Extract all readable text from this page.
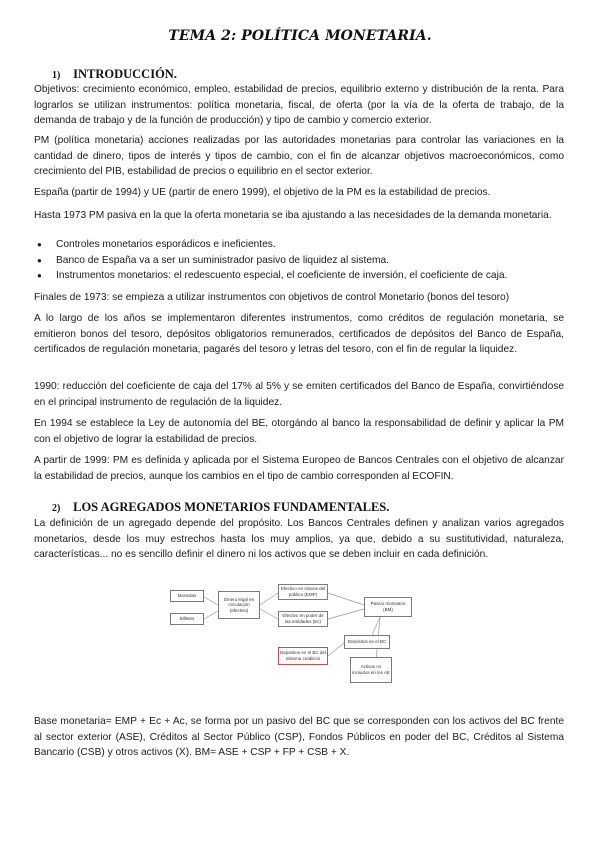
TEMA 2: POLÍTICA MONETARIA.
1) INTRODUCCIÓN.

Objetivos: crecimiento económico, empleo, estabilidad de precios, equilibrio externo y distribución de la renta. Para lograrlos se utilizan instrumentos: política monetaria, fiscal, de oferta (por la vía de la oferta de trabajo, de la demanda de trabajo y de la función de producción) y tipo de cambio y comercio exterior.

PM (política monetaria) acciones realizadas por las autoridades monetarias para controlar las variaciones en la cantidad de dinero, tipos de interés y tipos de cambio, con el fin de alcanzar objetivos macroeconómicos, como crecimiento del PIB, estabilidad de precios o equilibrio en el sector exterior.

España (partir de 1994) y UE (partir de enero 1999), el objetivo de la PM es la estabilidad de precios.

Hasta 1973 PM pasiva en la que la oferta monetaria se iba ajustando a las necesidades de la demanda monetaria.

● Controles monetarios esporádicos e ineficientes.
● Banco de España va a ser un suministrador pasivo de liquidez al sistema.
● Instrumentos monetarios: el redescuento especial, el coeficiente de inversión, el coeficiente de caja.

Finales de 1973: se empieza a utilizar instrumentos con objetivos de control Monetario (bonos del tesoro)

A lo largo de los años se implementaron diferentes instrumentos, como créditos de regulación monetaria, se emitieron bonos del tesoro, depósitos obligatorios remunerados, certificados de depósitos del Banco de España, certificados de regulación monetaria, pagarés del tesoro y letras del tesoro, con el fin de regular la liquidez.

1990: reducción del coeficiente de caja del 17% al 5% y se emiten certificados del Banco de España, convirtiéndose en el principal instrumento de regulación de la liquidez.

En 1994 se establece la Ley de autonomía del BE, otorgándo al banco la responsabilidad de definir y aplicar la PM con el objetivo de lograr la estabilidad de precios.

A partir de 1999: PM es definida y aplicada por el Sistema Europeo de Bancos Centrales con el objetivo de alcanzar la estabilidad de precios, aunque los cambios en el tipo de cambio corresponden al ECOFIN.

2) LOS AGREGADOS MONETARIOS FUNDAMENTALES.

La definición de un agregado depende del propósito. Los Bancos Centrales definen y analizan varios agregados monetarios, desde los muy estrechos hasta los muy amplios, ya que, debido a su sustitutividad, naturaleza, características... no es sencillo definir el dinero ni los activos que se deben incluir en cada definición.

Monedas
Billetes
Dinero legal en circulación (efectivo)
Efectivo en manos del público (EMP)
Efectivo en poder de las entidades (Ec)
Pasivo monetario (BM)
Depósitos en el BC
Depósitos en el BC del sistema crediticio
Activos no incluidos en los AE

Base monetaria= EMP + Ec + Ac, se forma por un pasivo del BC que se corresponden con los activos del BC frente al sector exterior (ASE), Créditos al Sector Público (CSP), Fondos Públicos en poder del BC, Créditos al Sistema Bancario (CSB) y otros activos (X). BM= ASE + CSP + FP + CSB + X.
